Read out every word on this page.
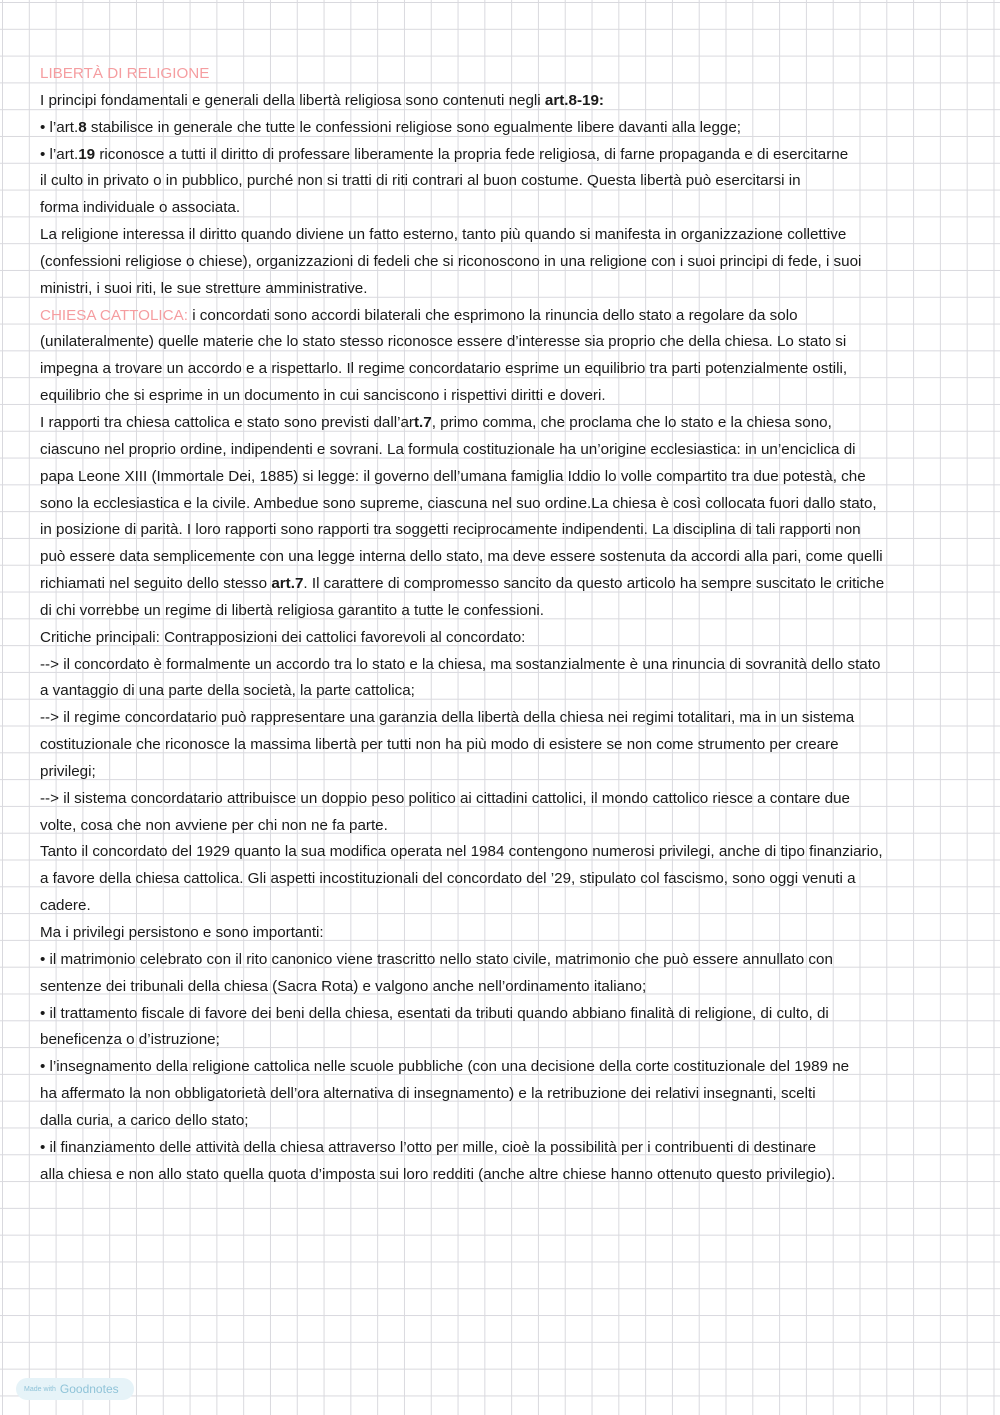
LIBERTÀ DI RELIGIONE
I principi fondamentali e generali della libertà religiosa sono contenuti negli art.8-19:
• l’art.8 stabilisce in generale che tutte le confessioni religiose sono egualmente libere davanti alla legge;
• l’art.19 riconosce a tutti il diritto di professare liberamente la propria fede religiosa, di farne propaganda e di esercitarne
il culto in privato o in pubblico, purché non si tratti di riti contrari al buon costume. Questa libertà può esercitarsi in
forma individuale o associata.
La religione interessa il diritto quando diviene un fatto esterno, tanto più quando si manifesta in organizzazione collettive
(confessioni religiose o chiese), organizzazioni di fedeli che si riconoscono in una religione con i suoi principi di fede, i suoi
ministri, i suoi riti, le sue stretture amministrative.
CHIESA CATTOLICA: i concordati sono accordi bilaterali che esprimono la rinuncia dello stato a regolare da solo
(unilateralmente) quelle materie che lo stato stesso riconosce essere d’interesse sia proprio che della chiesa. Lo stato si
impegna a trovare un accordo e a rispettarlo. Il regime concordatario esprime un equilibrio tra parti potenzialmente ostili,
equilibrio che si esprime in un documento in cui sanciscono i rispettivi diritti e doveri.
I rapporti tra chiesa cattolica e stato sono previsti dall’art.7, primo comma, che proclama che lo stato e la chiesa sono,
ciascuno nel proprio ordine, indipendenti e sovrani. La formula costituzionale ha un’origine ecclesiastica: in un’enciclica di
papa Leone XIII (Immortale Dei, 1885) si legge: il governo dell’umana famiglia Iddio lo volle compartito tra due potestà, che
sono la ecclesiastica e la civile. Ambedue sono supreme, ciascuna nel suo ordine.La chiesa è così collocata fuori dallo stato,
in posizione di parità. I loro rapporti sono rapporti tra soggetti reciprocamente indipendenti. La disciplina di tali rapporti non
può essere data semplicemente con una legge interna dello stato, ma deve essere sostenuta da accordi alla pari, come quelli
richiamati nel seguito dello stesso art.7. Il carattere di compromesso sancito da questo articolo ha sempre suscitato le critiche
di chi vorrebbe un regime di libertà religiosa garantito a tutte le confessioni.
Critiche principali: Contrapposizioni dei cattolici favorevoli al concordato:
--> il concordato è formalmente un accordo tra lo stato e la chiesa, ma sostanzialmente è una rinuncia di sovranità dello stato
a vantaggio di una parte della società, la parte cattolica;
--> il regime concordatario può rappresentare una garanzia della libertà della chiesa nei regimi totalitari, ma in un sistema
costituzionale che riconosce la massima libertà per tutti non ha più modo di esistere se non come strumento per creare
privilegi;
--> il sistema concordatario attribuisce un doppio peso politico ai cittadini cattolici, il mondo cattolico riesce a contare due
volte, cosa che non avviene per chi non ne fa parte.
Tanto il concordato del 1929 quanto la sua modifica operata nel 1984 contengono numerosi privilegi, anche di tipo finanziario,
a favore della chiesa cattolica. Gli aspetti incostituzionali del concordato del ’29, stipulato col fascismo, sono oggi venuti a
cadere.
Ma i privilegi persistono e sono importanti:
• il matrimonio celebrato con il rito canonico viene trascritto nello stato civile, matrimonio che può essere annullato con
sentenze dei tribunali della chiesa (Sacra Rota) e valgono anche nell’ordinamento italiano;
• il trattamento fiscale di favore dei beni della chiesa, esentati da tributi quando abbiano finalità di religione, di culto, di
beneficenza o d’istruzione;
• l’insegnamento della religione cattolica nelle scuole pubbliche (con una decisione della corte costituzionale del 1989 ne
ha affermato la non obbligatorietà dell’ora alternativa di insegnamento) e la retribuzione dei relativi insegnanti, scelti
dalla curia, a carico dello stato;
• il finanziamento delle attività della chiesa attraverso l’otto per mille, cioè la possibilità per i contribuenti di destinare
alla chiesa e non allo stato quella quota d’imposta sui loro redditi (anche altre chiese hanno ottenuto questo privilegio).
Made with Goodnotes
